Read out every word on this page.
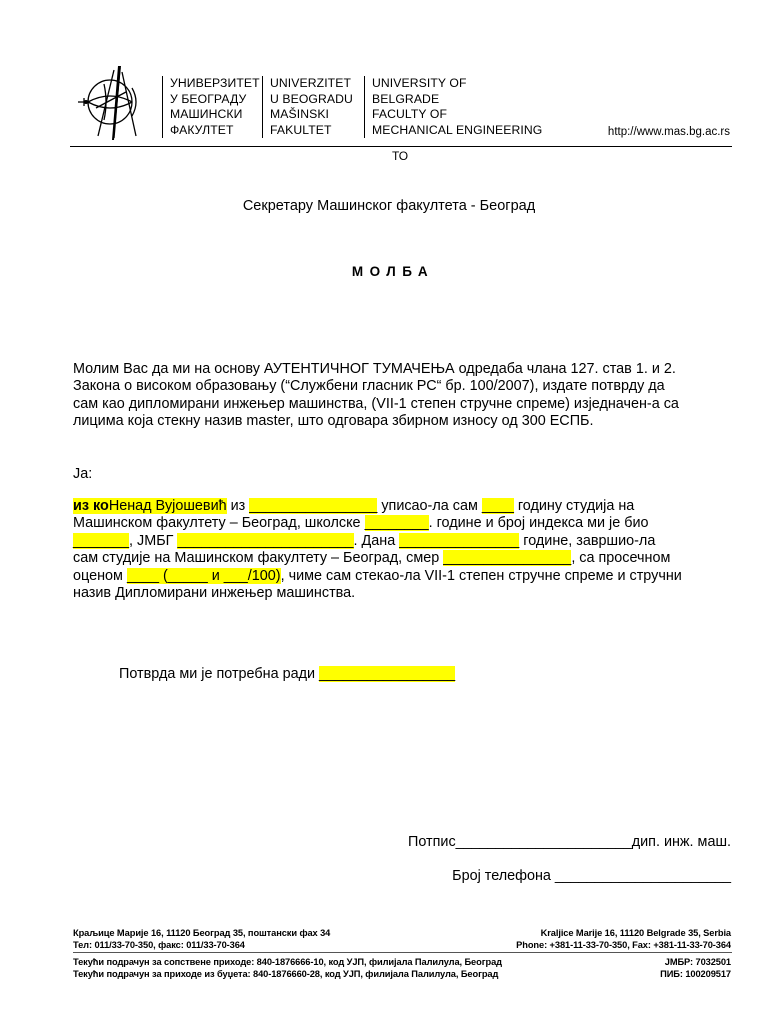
УНИВЕРЗИТЕТ
У БЕОГРАДУ
МАШИНСКИ
ФАКУЛТЕТ
UNIVERZITET
U BEOGRADU
MAŠINSKI
FAKULTET
UNIVERSITY OF
BELGRADE
FACULTY OF
MECHANICAL ENGINEERING	http://www.mas.bg.ac.rs
ТО
Секретару Машинског факултета - Београд
МОЛБА
Молим Вас да ми на основу АУТЕНТИЧНОГ ТУМАЧЕЊА одредаба члана 127. став 1. и 2.
Закона о високом образовању (“Службени гласник РС“ бр. 100/2007), издате потврду да
сам као дипломирани инжењер машинства, (VII-1 степен стручне спреме) изједначен-а са
лицима која стекну назив master, што одговара збирном износу од 300 ЕСПБ.
Ја:
из коНенад Вујошевић из ________________ уписао-ла сам ____ годину студија на
Машинском факултету – Београд, школске ________. године и број индекса ми је био
_______, ЈМБГ ______________________. Дана _______________ године, завршио-ла
сам студије на Машинском факултету – Београд, смер ________________, са просечном
оценом ____ (_____ и ___/100), чиме сам стекао-ла VII-1 степен стручне спреме и стручни
назив Дипломирани инжењер машинства.
Потврда ми је потребна ради _________________
Потпис______________________дип. инж. маш.
Број телефона ______________________
Краљице Марије 16, 11120 Београд 35, поштански фах 34
Тел: 011/33-70-350, факс: 011/33-70-364
Kraljice Marije 16, 11120 Belgrade 35, Serbia
Phone: +381-11-33-70-350, Fax: +381-11-33-70-364
Текући подрачун за сопствене приходе: 840-1876666-10, код УЈП, филијала Палилула, Београд
Текући подрачун за приходе из буџета: 840-1876660-28, код УЈП, филијала Палилула, Београд
ЈМБР: 7032501
ПИБ: 100209517
